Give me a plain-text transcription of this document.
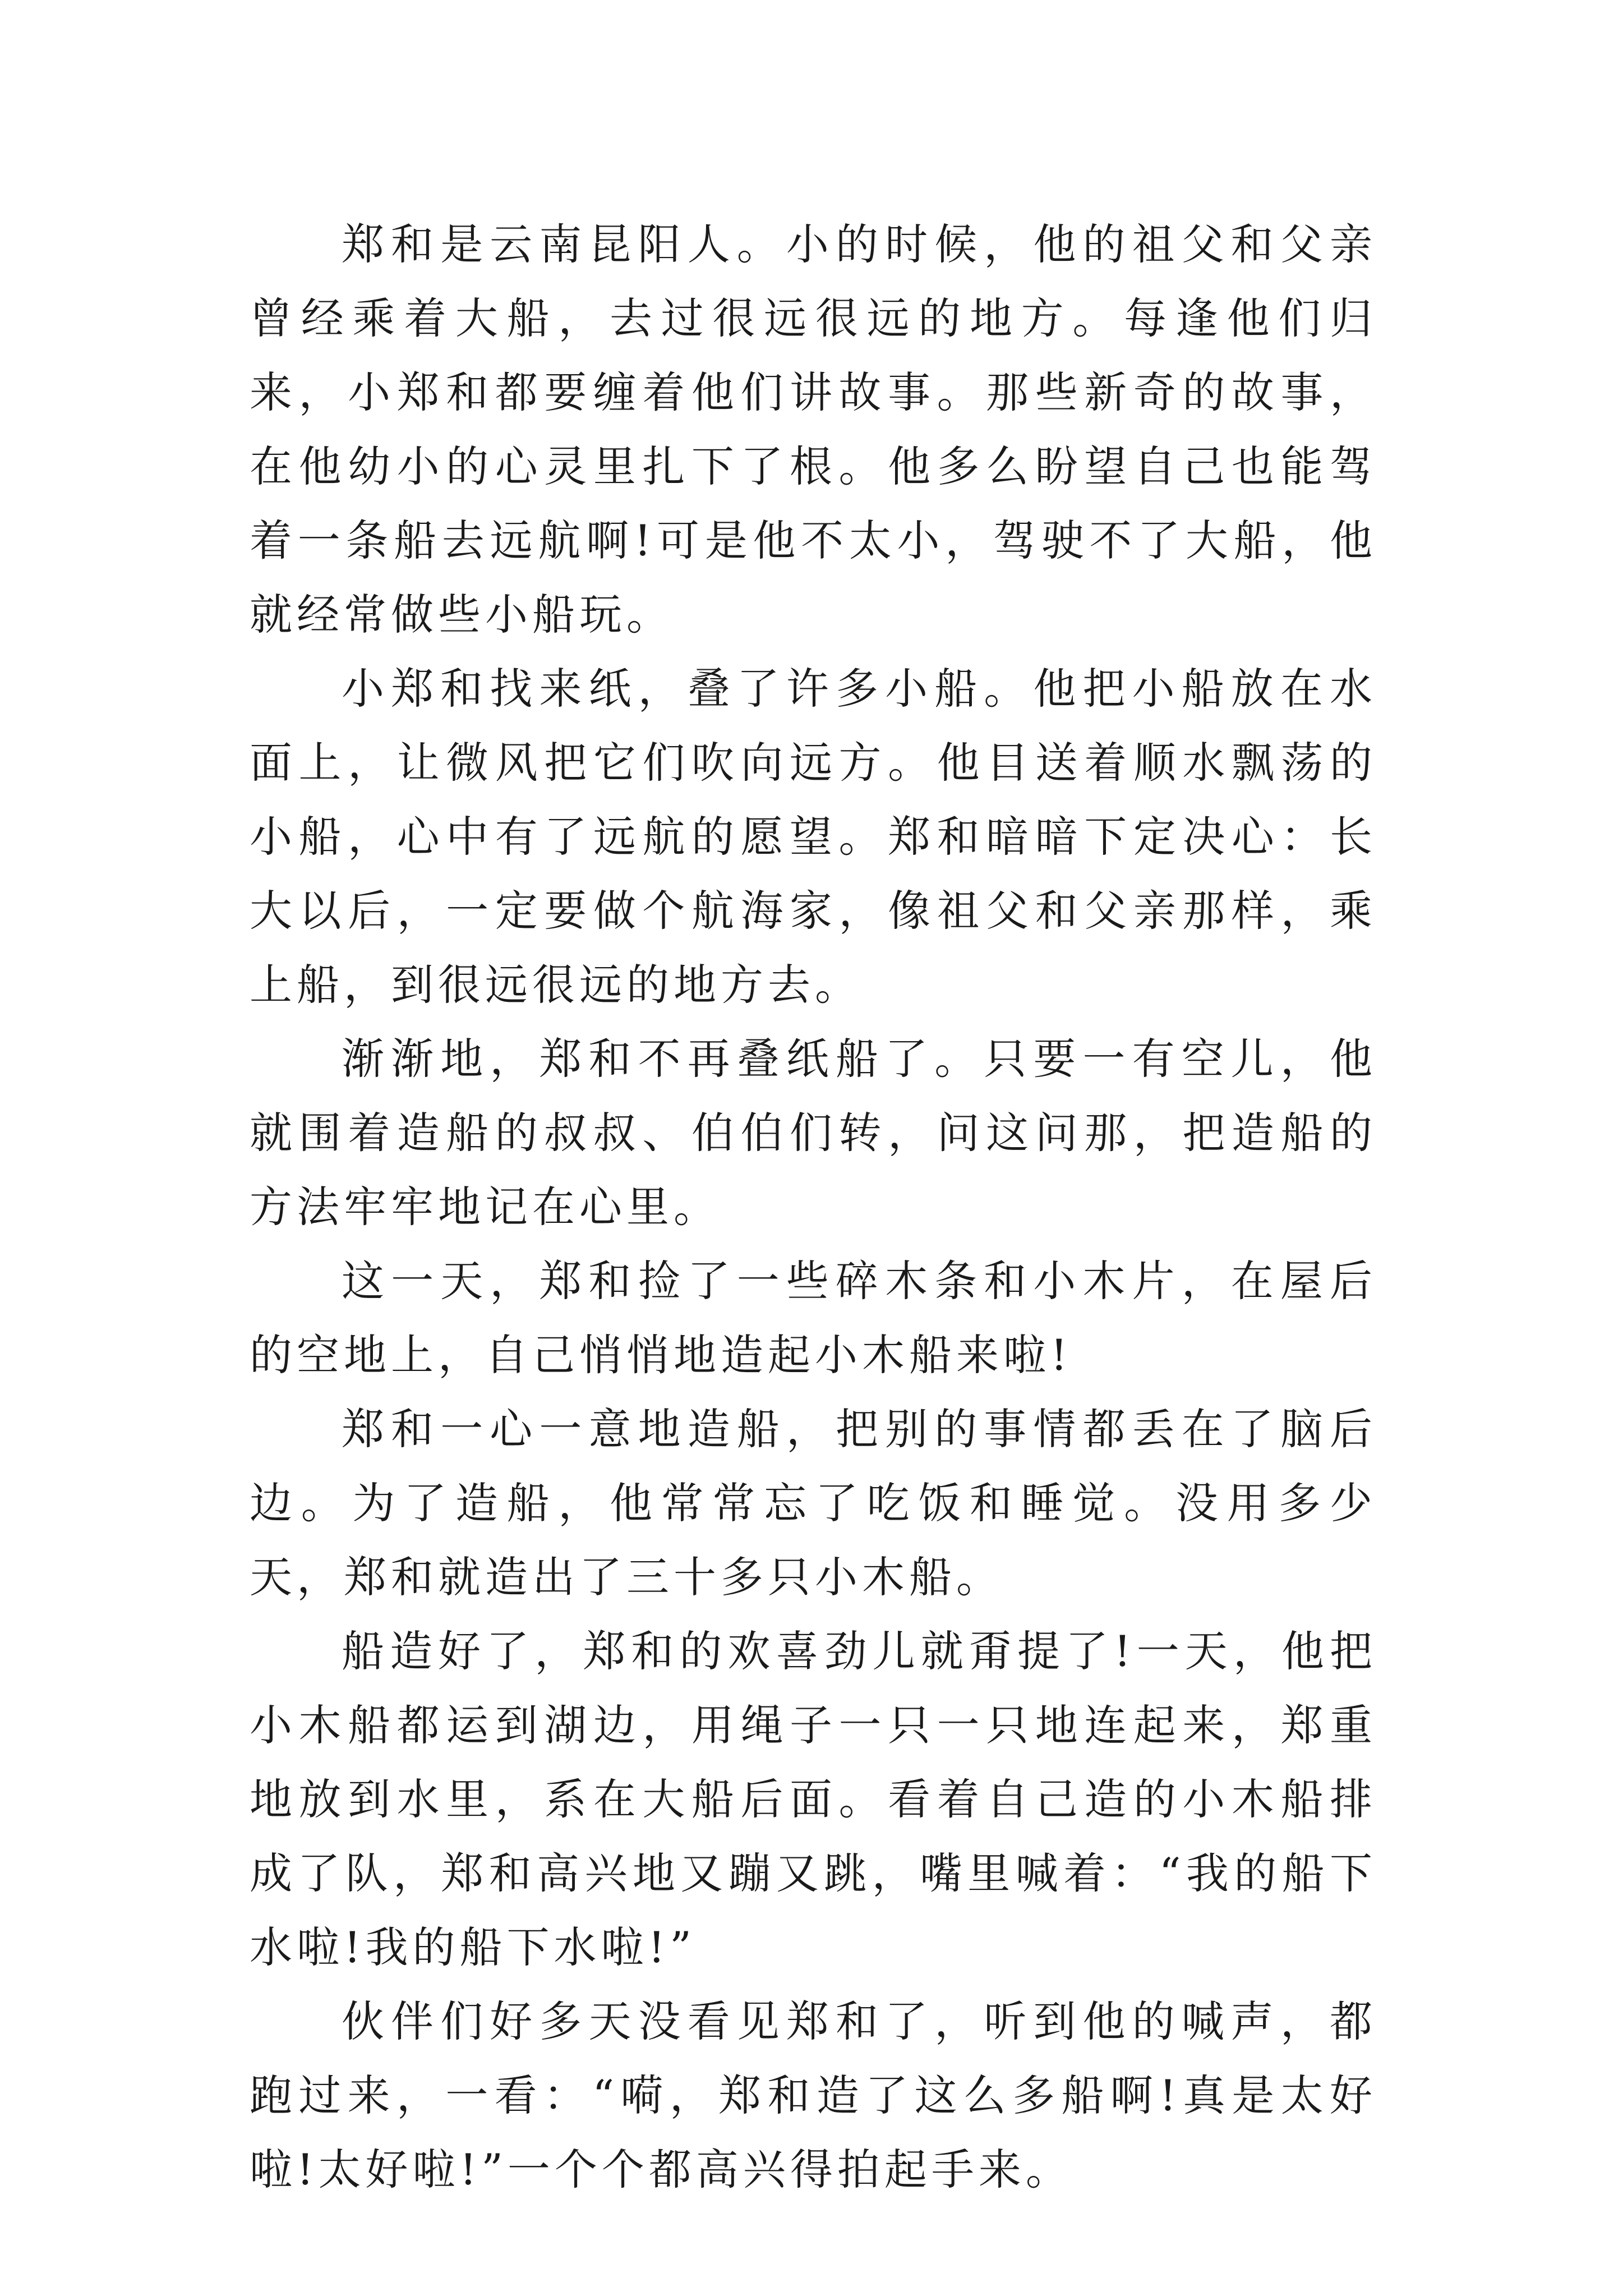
郑和是云南昆阳人。小的时候，他的祖父和父亲曾经乘着大船，去过很远很远的地方。每逢他们归来，小郑和都要缠着他们讲故事。那些新奇的故事，在他幼小的心灵里扎下了根。他多么盼望自己也能驾着一条船去远航啊!可是他不太小，驾驶不了大船，他就经常做些小船玩。

小郑和找来纸，叠了许多小船。他把小船放在水面上，让微风把它们吹向远方。他目送着顺水飘荡的小船，心中有了远航的愿望。郑和暗暗下定决心：长大以后，一定要做个航海家，像祖父和父亲那样，乘上船，到很远很远的地方去。

渐渐地，郑和不再叠纸船了。只要一有空儿，他就围着造船的叔叔、伯伯们转，问这问那，把造船的方法牢牢地记在心里。

这一天，郑和捡了一些碎木条和小木片，在屋后的空地上，自己悄悄地造起小木船来啦!

郑和一心一意地造船，把别的事情都丢在了脑后边。为了造船，他常常忘了吃饭和睡觉。没用多少天，郑和就造出了三十多只小木船。

船造好了，郑和的欢喜劲儿就甭提了!一天，他把小木船都运到湖边，用绳子一只一只地连起来，郑重地放到水里，系在大船后面。看着自己造的小木船排成了队，郑和高兴地又蹦又跳，嘴里喊着：“我的船下水啦!我的船下水啦!”

伙伴们好多天没看见郑和了，听到他的喊声，都跑过来，一看：“嗬，郑和造了这么多船啊!真是太好啦!太好啦!”一个个都高兴得拍起手来。
